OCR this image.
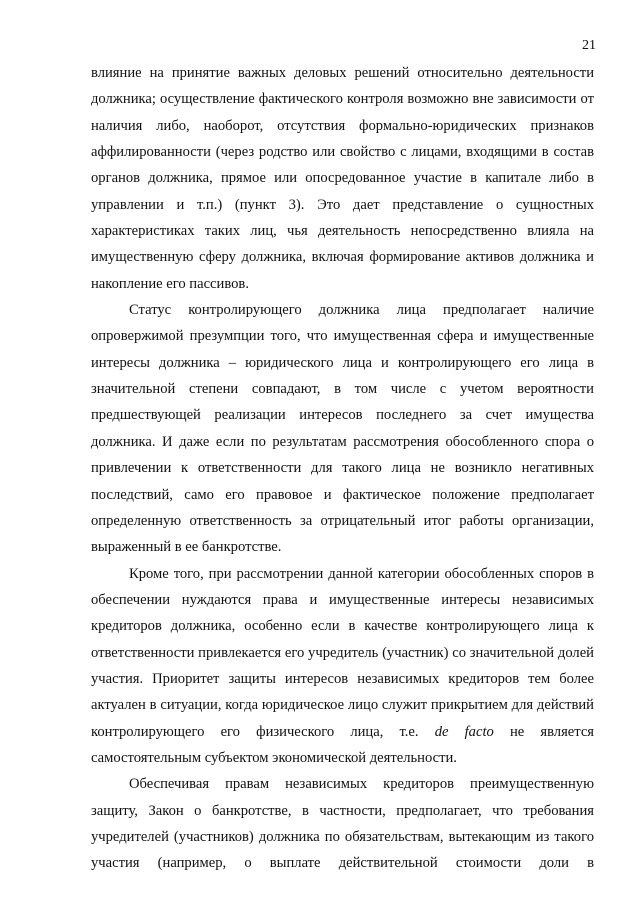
21

влияние на принятие важных деловых решений относительно деятельности должника; осуществление фактического контроля возможно вне зависимости от наличия либо, наоборот, отсутствия формально-юридических признаков аффилированности (через родство или свойство с лицами, входящими в состав органов должника, прямое или опосредованное участие в капитале либо в управлении и т.п.) (пункт 3). Это дает представление о сущностных характеристиках таких лиц, чья деятельность непосредственно влияла на имущественную сферу должника, включая формирование активов должника и накопление его пассивов.

Статус контролирующего должника лица предполагает наличие опровержимой презумпции того, что имущественная сфера и имущественные интересы должника – юридического лица и контролирующего его лица в значительной степени совпадают, в том числе с учетом вероятности предшествующей реализации интересов последнего за счет имущества должника. И даже если по результатам рассмотрения обособленного спора о привлечении к ответственности для такого лица не возникло негативных последствий, само его правовое и фактическое положение предполагает определенную ответственность за отрицательный итог работы организации, выраженный в ее банкротстве.

Кроме того, при рассмотрении данной категории обособленных споров в обеспечении нуждаются права и имущественные интересы независимых кредиторов должника, особенно если в качестве контролирующего лица к ответственности привлекается его учредитель (участник) со значительной долей участия. Приоритет защиты интересов независимых кредиторов тем более актуален в ситуации, когда юридическое лицо служит прикрытием для действий контролирующего его физического лица, т.е. de facto не является самостоятельным субъектом экономической деятельности.

Обеспечивая правам независимых кредиторов преимущественную защиту, Закон о банкротстве, в частности, предполагает, что требования учредителей (участников) должника по обязательствам, вытекающим из такого участия (например, о выплате действительной стоимости доли в
